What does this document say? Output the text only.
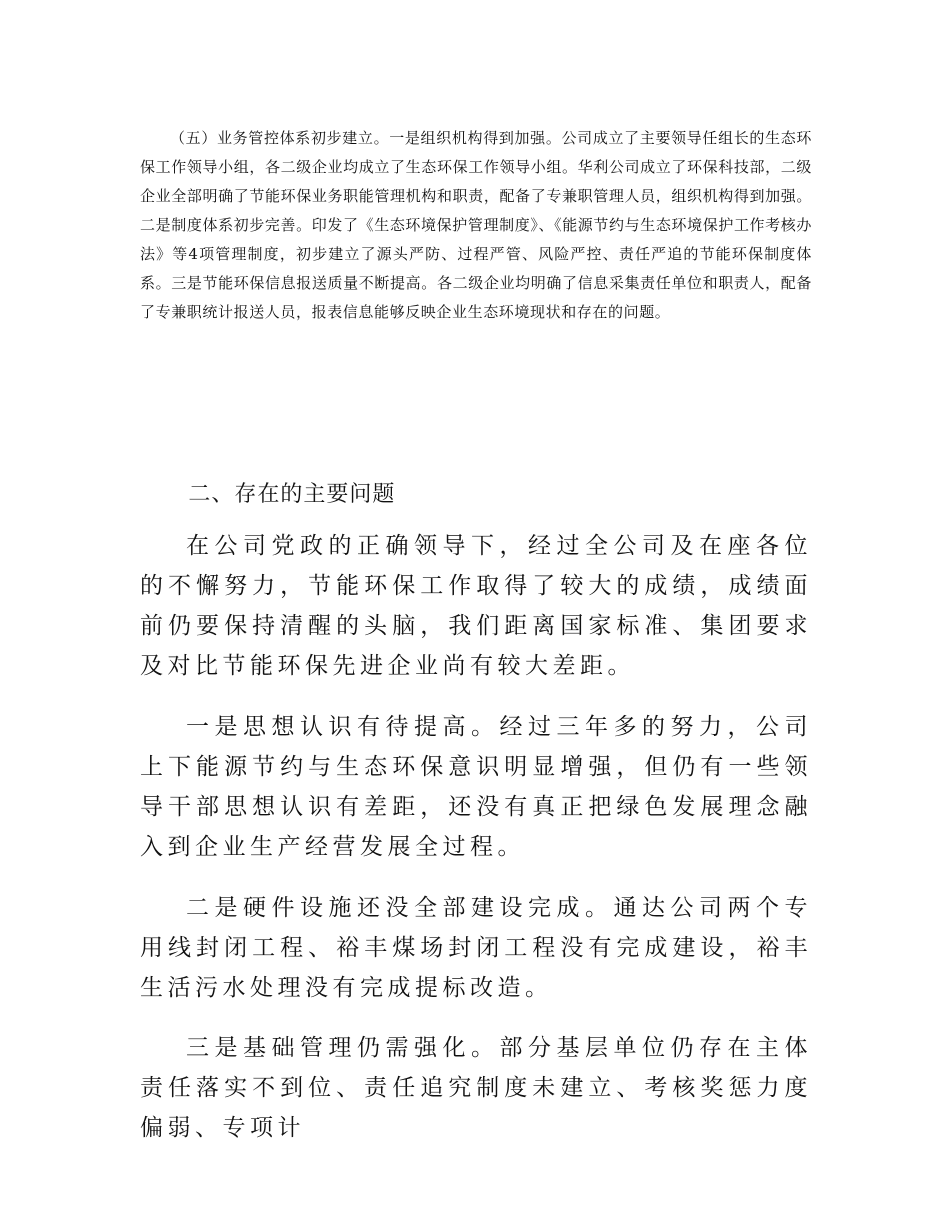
（五）业务管控体系初步建立。一是组织机构得到加强。公司成立了主要领导任组长的生态环保工作领导小组，各二级企业均成立了生态环保工作领导小组。华利公司成立了环保科技部，二级企业全部明确了节能环保业务职能管理机构和职责，配备了专兼职管理人员，组织机构得到加强。二是制度体系初步完善。印发了《生态环境保护管理制度》、《能源节约与生态环境保护工作考核办法》等4项管理制度，初步建立了源头严防、过程严管、风险严控、责任严追的节能环保制度体系。三是节能环保信息报送质量不断提高。各二级企业均明确了信息采集责任单位和职责人，配备了专兼职统计报送人员，报表信息能够反映企业生态环境现状和存在的问题。

二、存在的主要问题

在公司党政的正确领导下，经过全公司及在座各位的不懈努力，节能环保工作取得了较大的成绩，成绩面前仍要保持清醒的头脑，我们距离国家标准、集团要求及对比节能环保先进企业尚有较大差距。

一是思想认识有待提高。经过三年多的努力，公司上下能源节约与生态环保意识明显增强，但仍有一些领导干部思想认识有差距，还没有真正把绿色发展理念融入到企业生产经营发展全过程。

二是硬件设施还没全部建设完成。通达公司两个专用线封闭工程、裕丰煤场封闭工程没有完成建设，裕丰生活污水处理没有完成提标改造。

三是基础管理仍需强化。部分基层单位仍存在主体责任落实不到位、责任追究制度未建立、考核奖惩力度偏弱、专项计
